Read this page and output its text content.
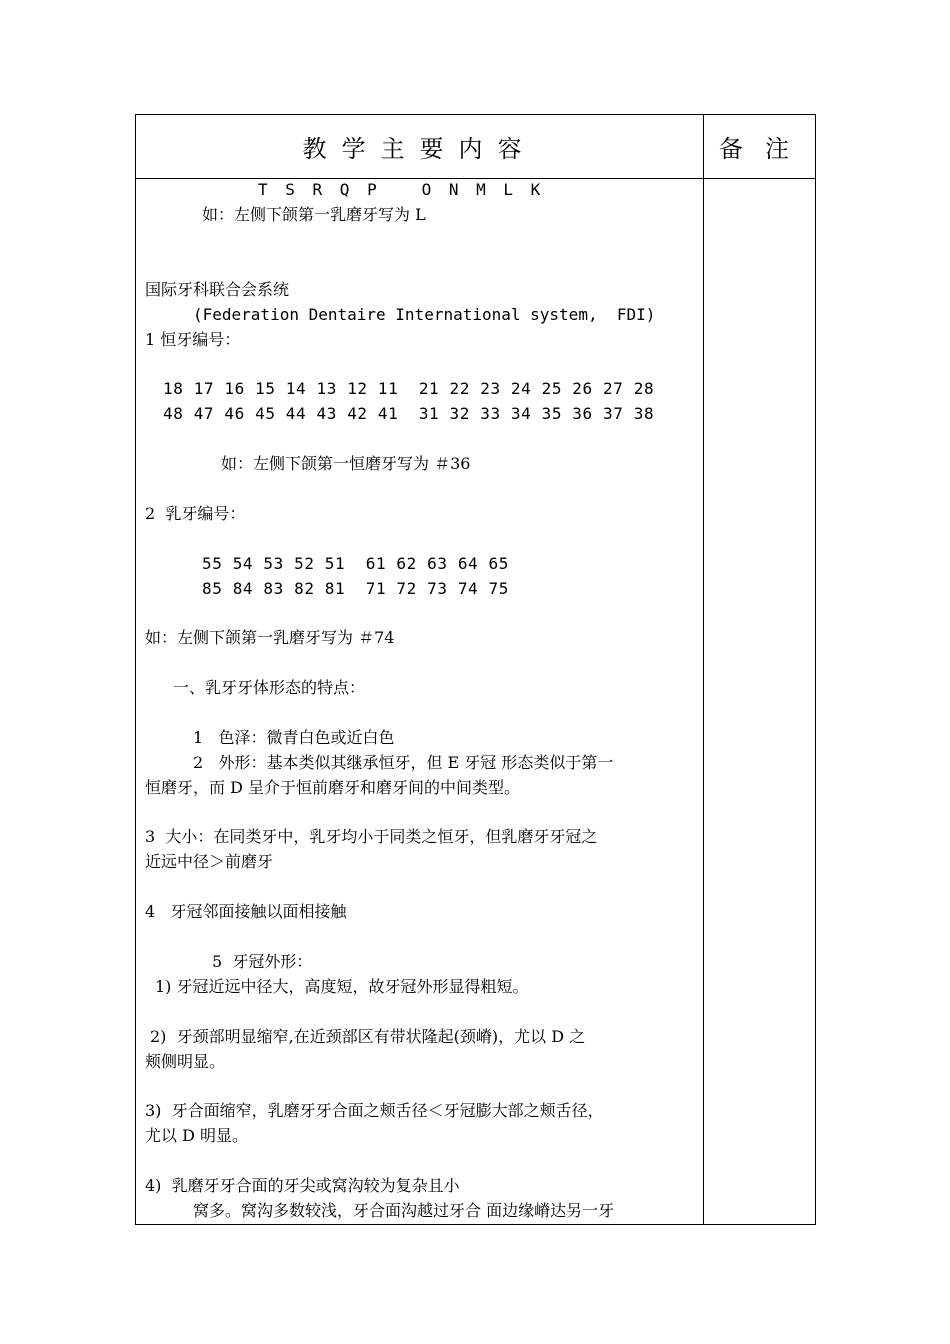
教学主要内容	备注
T S R Q P   O N M L K
如：左侧下颌第一乳磨牙写为 L
国际牙科联合会系统
(Federation Dentaire International system,  FDI)
1 恒牙编号：
18 17 16 15 14 13 12 11  21 22 23 24 25 26 27 28
48 47 46 45 44 43 42 41  31 32 33 34 35 36 37 38
如：左侧下颌第一恒磨牙写为 ＃36
2  乳牙编号：
55 54 53 52 51  61 62 63 64 65
85 84 83 82 81  71 72 73 74 75
如：左侧下颌第一乳磨牙写为 ＃74
一、乳牙牙体形态的特点：
1   色泽：微青白色或近白色
2   外形：基本类似其继承恒牙，但 E 牙冠 形态类似于第一
恒磨牙，而 D 呈介于恒前磨牙和磨牙间的中间类型。
3  大小：在同类牙中，乳牙均小于同类之恒牙，但乳磨牙牙冠之
近远中径＞前磨牙
4   牙冠邻面接触以面相接触
5  牙冠外形：
1) 牙冠近远中径大，高度短，故牙冠外形显得粗短。
2)  牙颈部明显缩窄,在近颈部区有带状隆起(颈嵴)，尤以 D 之
颊侧明显。
3)  牙合面缩窄，乳磨牙牙合面之颊舌径＜牙冠膨大部之颊舌径，
尤以 D 明显。
4)  乳磨牙牙合面的牙尖或窝沟较为复杂且小
窝多。窝沟多数较浅，牙合面沟越过牙合 面边缘嵴达另一牙
